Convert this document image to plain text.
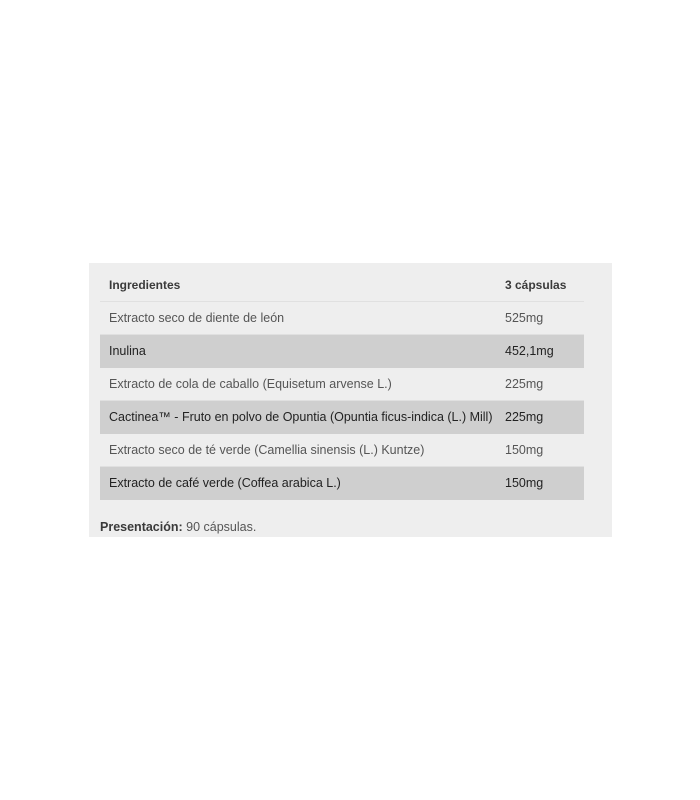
Ingredientes	3 cápsulas
Extracto seco de diente de león	525mg
Inulina	452,1mg
Extracto de cola de caballo (Equisetum arvense L.)	225mg
Cactinea™ - Fruto en polvo de Opuntia (Opuntia ficus-indica (L.) Mill)	225mg
Extracto seco de té verde (Camellia sinensis (L.) Kuntze)	150mg
Extracto de café verde (Coffea arabica L.)	150mg
Presentación: 90 cápsulas.
